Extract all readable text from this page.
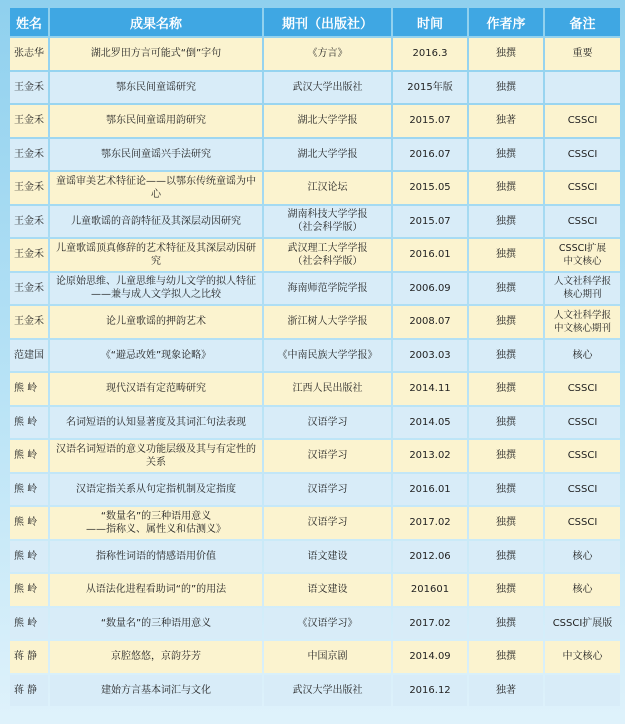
姓名	成果名称	期刊（出版社）	时间	作者序	备注
张志华	湖北罗田方言可能式“倒”字句	《方言》	2016.3	独撰	重要
王金禾	鄂东民间童谣研究	武汉大学出版社	2015年版	独撰	
王金禾	鄂东民间童谣用韵研究	湖北大学学报	2015.07	独著	CSSCI
王金禾	鄂东民间童谣兴手法研究	湖北大学学报	2016.07	独撰	CSSCI
王金禾	童谣审美艺术特征论——以鄂东传统童谣为中心	江汉论坛	2015.05	独撰	CSSCI
王金禾	儿童歌谣的音韵特征及其深层动因研究	湖南科技大学学报
（社会科学版）	2015.07	独撰	CSSCI
王金禾	儿童歌谣顶真修辞的艺术特征及其深层动因研究	武汉理工大学学报
（社会科学版）	2016.01	独撰	CSSCI扩展
中文核心
王金禾	论原始思维、儿童思维与幼儿文学的拟人特征
——兼与成人文学拟人之比较	海南师范学院学报	2006.09	独撰	人文社科学报
核心期刊
王金禾	论儿童歌谣的押韵艺术	浙江树人大学学报	2008.07	独撰	人文社科学报
中文核心期刊
范建国	《“避忌改姓”现象论略》	《中南民族大学学报》	2003.03	独撰	核心
熊 岭	现代汉语有定范畴研究	江西人民出版社	2014.11	独撰	CSSCI
熊 岭	名词短语的认知显著度及其词汇句法表现	汉语学习	2014.05	独撰	CSSCI
熊 岭	汉语名词短语的意义功能层级及其与有定性的关系	汉语学习	2013.02	独撰	CSSCI
熊 岭	汉语定指关系从句定指机制及定指度	汉语学习	2016.01	独撰	CSSCI
熊 岭	“数量名”的三种语用意义
——指称义、属性义和估测义》	汉语学习	2017.02	独撰	CSSCI
熊 岭	指称性词语的情感语用价值	语文建设	2012.06	独撰	核心
熊 岭	从语法化进程看助词“的”的用法	语文建设	201601	独撰	核心
熊 岭	“数量名”的三种语用意义	《汉语学习》	2017.02	独撰	CSSCI扩展版
蒋 静	京腔悠悠，京韵芬芳	中国京剧	2014.09	独撰	中文核心
蒋 静	建始方言基本词汇与文化	武汉大学出版社	2016.12	独著	
